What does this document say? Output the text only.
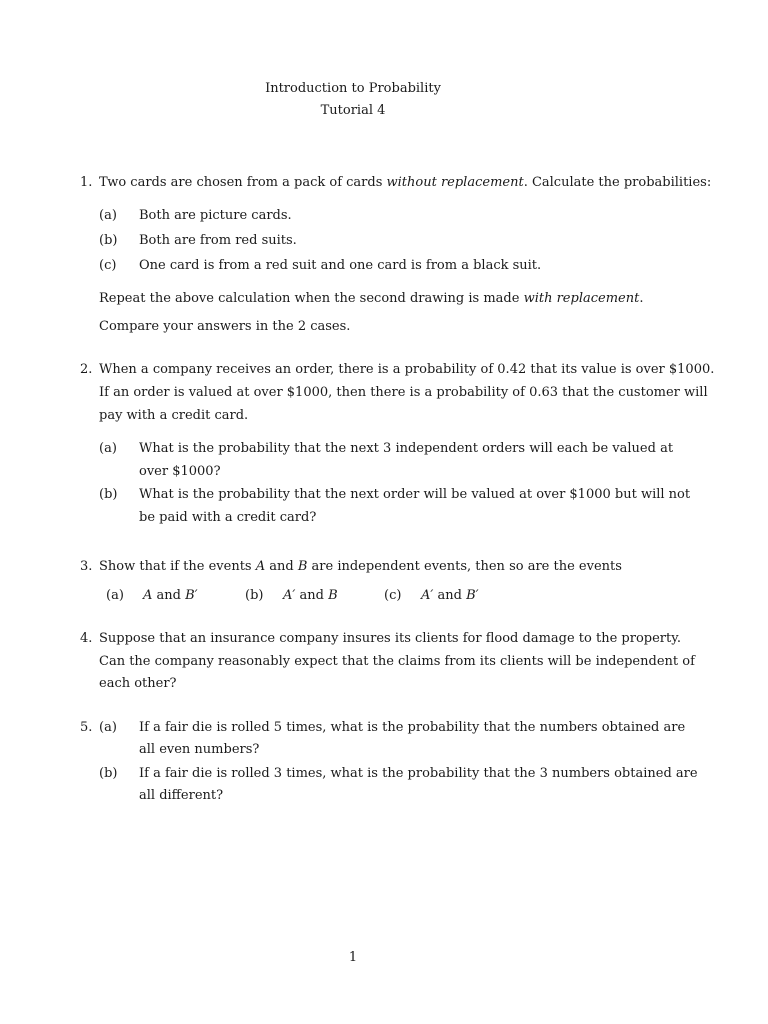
Introduction to Probability
Tutorial 4
1. Two cards are chosen from a pack of cards without replacement. Calculate the probabilities:
(a) Both are picture cards.
(b) Both are from red suits.
(c) One card is from a red suit and one card is from a black suit.
Repeat the above calculation when the second drawing is made with replacement.
Compare your answers in the 2 cases.
2. When a company receives an order, there is a probability of 0.42 that its value is over $1000.
If an order is valued at over $1000, then there is a probability of 0.63 that the customer will
pay with a credit card.
(a) What is the probability that the next 3 independent orders will each be valued at
over $1000?
(b) What is the probability that the next order will be valued at over $1000 but will not
be paid with a credit card?
3. Show that if the events A and B are independent events, then so are the events
(a) A and B′	(b) A′ and B	(c) A′ and B′
4. Suppose that an insurance company insures its clients for flood damage to the property.
Can the company reasonably expect that the claims from its clients will be independent of
each other?
5. (a) If a fair die is rolled 5 times, what is the probability that the numbers obtained are
all even numbers?
(b) If a fair die is rolled 3 times, what is the probability that the 3 numbers obtained are
all different?
1
